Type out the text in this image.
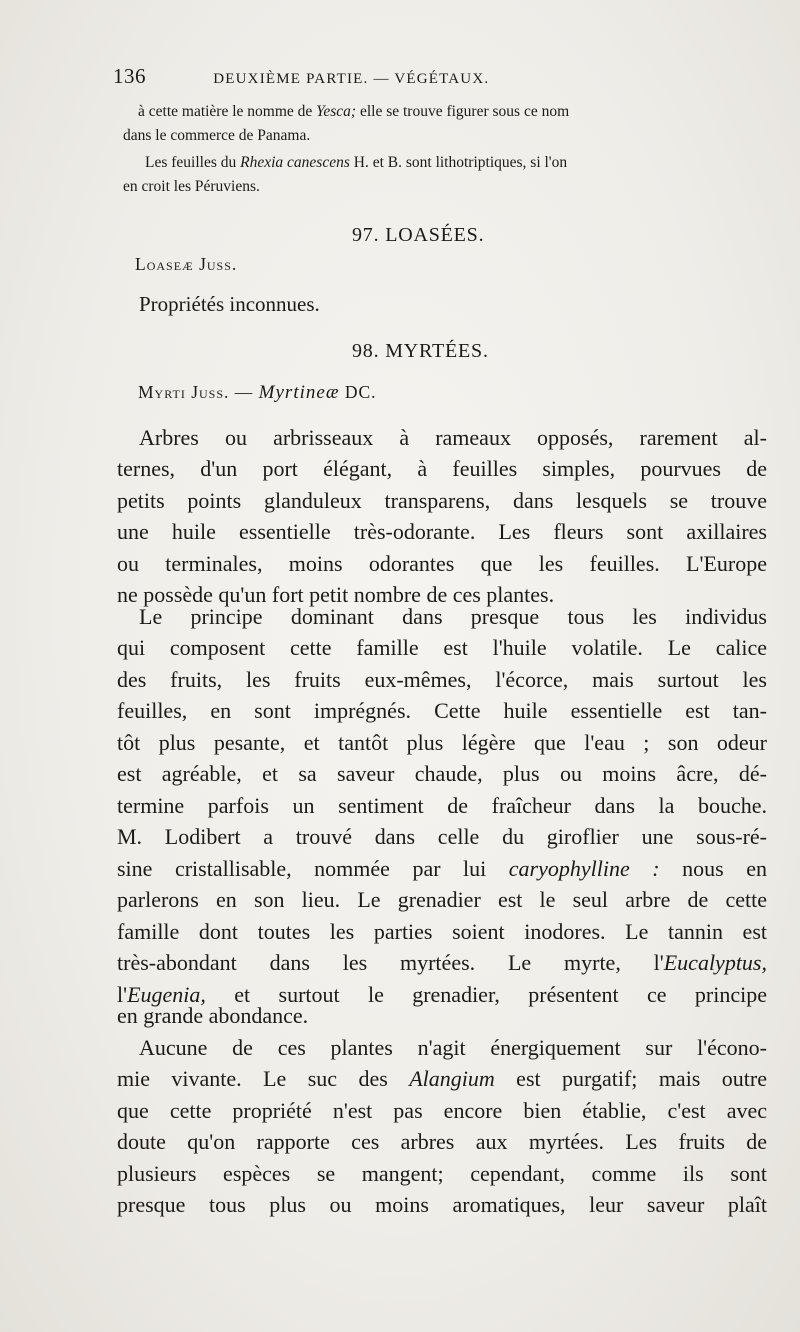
136	DEUXIÈME PARTIE. — VÉGÉTAUX.

à cette matière le nomme de Yesca; elle se trouve figurer sous ce nom

dans le commerce de Panama.

Les feuilles du Rhexia canescens H. et B. sont lithotriptiques, si l'on

en croit les Péruviens.

97. LOASÉES.

Loaseæ Juss.

Propriétés inconnues.

98. MYRTÉES.

Myrti Juss. — Myrtineæ DC.

Arbres ou arbrisseaux à rameaux opposés, rarement al-

ternes, d'un port élégant, à feuilles simples, pourvues de

petits points glanduleux transparens, dans lesquels se trouve

une huile essentielle très-odorante. Les fleurs sont axillaires

ou terminales, moins odorantes que les feuilles. L'Europe

ne possède qu'un fort petit nombre de ces plantes.

Le principe dominant dans presque tous les individus

qui composent cette famille est l'huile volatile. Le calice

des fruits, les fruits eux-mêmes, l'écorce, mais surtout les

feuilles, en sont imprégnés. Cette huile essentielle est tan-

tôt plus pesante, et tantôt plus légère que l'eau ; son odeur

est agréable, et sa saveur chaude, plus ou moins âcre, dé-

termine parfois un sentiment de fraîcheur dans la bouche.

M. Lodibert a trouvé dans celle du giroflier une sous-ré-

sine cristallisable, nommée par lui caryophylline : nous en

parlerons en son lieu. Le grenadier est le seul arbre de cette

famille dont toutes les parties soient inodores. Le tannin est

très-abondant dans les myrtées. Le myrte, l'Eucalyptus,

l'Eugenia, et surtout le grenadier, présentent ce principe

en grande abondance.

Aucune de ces plantes n'agit énergiquement sur l'écono-

mie vivante. Le suc des Alangium est purgatif; mais outre

que cette propriété n'est pas encore bien établie, c'est avec

doute qu'on rapporte ces arbres aux myrtées. Les fruits de

plusieurs espèces se mangent; cependant, comme ils sont

presque tous plus ou moins aromatiques, leur saveur plaît
